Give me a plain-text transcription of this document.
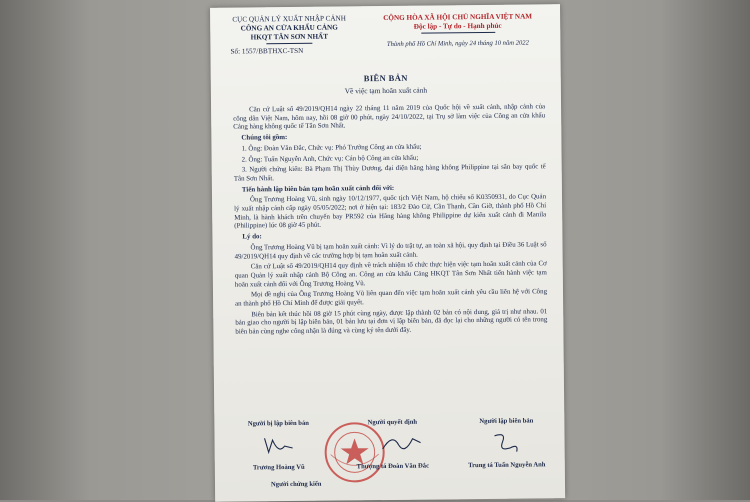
CỤC QUẢN LÝ XUẤT NHẬP CẢNH
CÔNG AN CỬA KHẨU CẢNG
HKQT TÂN SƠN NHẤT
Số: 1557/BBTHXC-TSN
CỘNG HÒA XÃ HỘI CHỦ NGHĨA VIỆT NAM
Độc lập - Tự do - Hạnh phúc
Thành phố Hồ Chí Minh, ngày 24 tháng 10 năm 2022
BIÊN BẢN
Về việc tạm hoãn xuất cảnh

Căn cứ Luật số 49/2019/QH14 ngày 22 tháng 11 năm 2019 của Quốc hội về xuất cảnh, nhập cảnh của công dân Việt Nam, hôm nay, hồi 08 giờ 00 phút, ngày 24/10/2022, tại Trụ sở làm việc của Công an cửa khẩu Cảng hàng không quốc tế Tân Sơn Nhất.

Chúng tôi gồm:

1. Ông: Đoàn Văn Đắc, Chức vụ: Phó Trưởng Công an cửa khẩu;

2. Ông: Tuấn Nguyễn Anh, Chức vụ: Cán bộ Công an cửa khẩu;

3. Người chứng kiến: Bà Phạm Thị Thùy Dương, đại diện hãng hàng không Philippine tại sân bay quốc tế Tân Sơn Nhất.

Tiến hành lập biên bản tạm hoãn xuất cảnh đối với:

Ông Trương Hoàng Vũ, sinh ngày 10/12/1977, quốc tịch Việt Nam, hộ chiếu số K0350931, do Cục Quản lý xuất nhập cảnh cấp ngày 05/05/2022; nơi ở hiện tại: 183/2 Đào Cử, Cần Thạnh, Cần Giờ, thành phố Hồ Chí Minh, là hành khách trên chuyến bay PR592 của Hãng hàng không Philippine dự kiến xuất cảnh đi Manila (Philippine) lúc 08 giờ 45 phút.

Lý do:

Ông Trương Hoàng Vũ bị tạm hoãn xuất cảnh: Vì lý do trật tự, an toàn xã hội, quy định tại Điều 36 Luật số 49/2019/QH14 quy định về các trường hợp bị tạm hoãn xuất cảnh.

Căn cứ Luật số 49/2019/QH14 quy định về trách nhiệm tổ chức thực hiện việc tạm hoãn xuất cảnh của Cơ quan Quản lý xuất nhập cảnh Bộ Công an. Công an cửa khẩu Cảng HKQT Tân Sơn Nhất tiến hành việc tạm hoãn xuất cảnh đối với Ông Trương Hoàng Vũ.

Mọi đề nghị của Ông Trương Hoàng Vũ liên quan đến việc tạm hoãn xuất cảnh yêu cầu liên hệ với Công an thành phố Hồ Chí Minh để được giải quyết.

Biên bản kết thúc hồi 08 giờ 15 phút cùng ngày, được lập thành 02 bản có nội dung, giá trị như nhau. 01 bản giao cho người bị lập biên bản, 01 bản lưu tại đơn vị lập biên bản, đã đọc lại cho những người có tên trong biên bản cùng nghe công nhận là đúng và cùng ký tên dưới đây.

Người bị lập biên bản
Trương Hoàng Vũ
Người quyết định
Thượng tá Đoàn Văn Đắc
Người lập biên bản
Trung tá Tuấn Nguyễn Anh
Người chứng kiến
